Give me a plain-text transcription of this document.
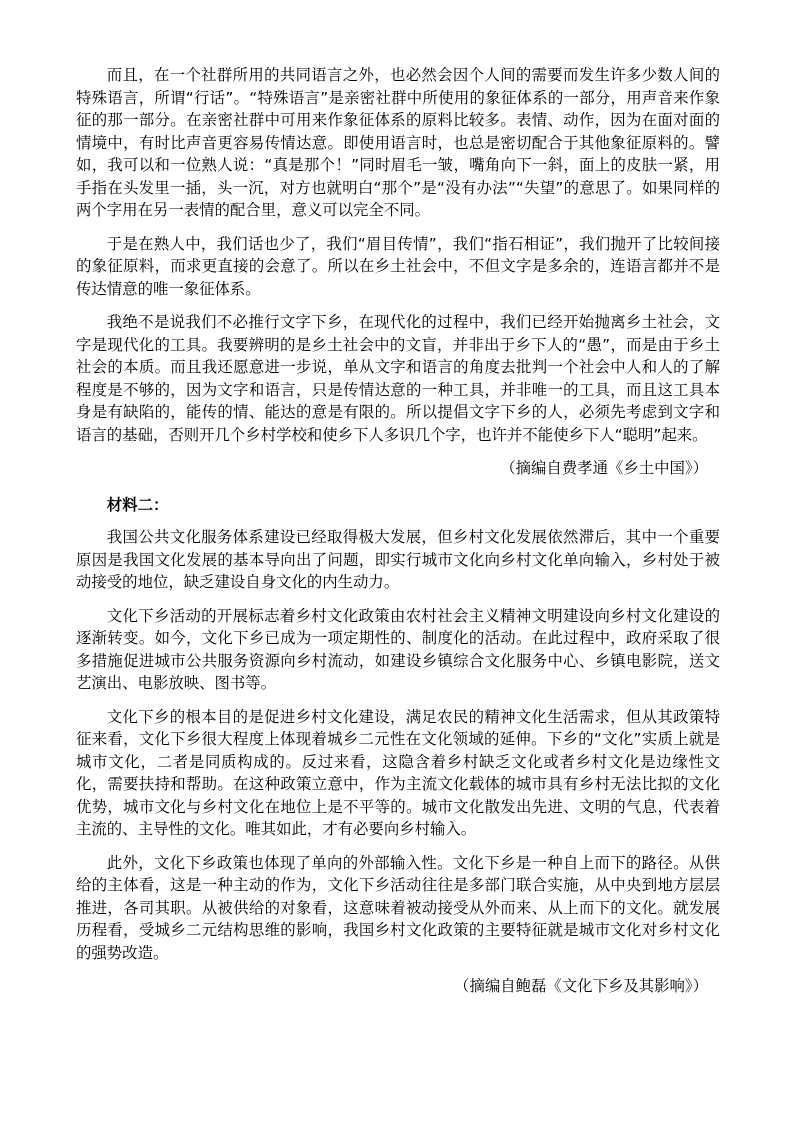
而且，在一个社群所用的共同语言之外，也必然会因个人间的需要而发生许多少数人间的特殊语言，所谓“行话”。“特殊语言”是亲密社群中所使用的象征体系的一部分，用声音来作象征的那一部分。在亲密社群中可用来作象征体系的原料比较多。表情、动作，因为在面对面的情境中，有时比声音更容易传情达意。即使用语言时，也总是密切配合于其他象征原料的。譬如，我可以和一位熟人说：“真是那个！”同时眉毛一皱，嘴角向下一斜，面上的皮肤一紧，用手指在头发里一插，头一沉，对方也就明白“那个”是“没有办法”“失望”的意思了。如果同样的两个字用在另一表情的配合里，意义可以完全不同。

于是在熟人中，我们话也少了，我们“眉目传情”，我们“指石相证”，我们抛开了比较间接的象征原料，而求更直接的会意了。所以在乡土社会中，不但文字是多余的，连语言都并不是传达情意的唯一象征体系。

我绝不是说我们不必推行文字下乡，在现代化的过程中，我们已经开始抛离乡土社会，文字是现代化的工具。我要辨明的是乡土社会中的文盲，并非出于乡下人的“愚”，而是由于乡土社会的本质。而且我还愿意进一步说，单从文字和语言的角度去批判一个社会中人和人的了解程度是不够的，因为文字和语言，只是传情达意的一种工具，并非唯一的工具，而且这工具本身是有缺陷的，能传的情、能达的意是有限的。所以提倡文字下乡的人，必须先考虑到文字和语言的基础，否则开几个乡村学校和使乡下人多识几个字，也许并不能使乡下人“聪明”起来。

（摘编自费孝通《乡土中国》）

材料二：

我国公共文化服务体系建设已经取得极大发展，但乡村文化发展依然滞后，其中一个重要原因是我国文化发展的基本导向出了问题，即实行城市文化向乡村文化单向输入，乡村处于被动接受的地位，缺乏建设自身文化的内生动力。

文化下乡活动的开展标志着乡村文化政策由农村社会主义精神文明建设向乡村文化建设的逐渐转变。如今，文化下乡已成为一项定期性的、制度化的活动。在此过程中，政府采取了很多措施促进城市公共服务资源向乡村流动，如建设乡镇综合文化服务中心、乡镇电影院，送文艺演出、电影放映、图书等。

文化下乡的根本目的是促进乡村文化建设，满足农民的精神文化生活需求，但从其政策特征来看，文化下乡很大程度上体现着城乡二元性在文化领域的延伸。下乡的“文化”实质上就是城市文化，二者是同质构成的。反过来看，这隐含着乡村缺乏文化或者乡村文化是边缘性文化，需要扶持和帮助。在这种政策立意中，作为主流文化载体的城市具有乡村无法比拟的文化优势，城市文化与乡村文化在地位上是不平等的。城市文化散发出先进、文明的气息，代表着主流的、主导性的文化。唯其如此，才有必要向乡村输入。

此外，文化下乡政策也体现了单向的外部输入性。文化下乡是一种自上而下的路径。从供给的主体看，这是一种主动的作为，文化下乡活动往往是多部门联合实施，从中央到地方层层推进，各司其职。从被供给的对象看，这意味着被动接受从外而来、从上而下的文化。就发展历程看，受城乡二元结构思维的影响，我国乡村文化政策的主要特征就是城市文化对乡村文化的强势改造。

（摘编自鲍磊《文化下乡及其影响》）
